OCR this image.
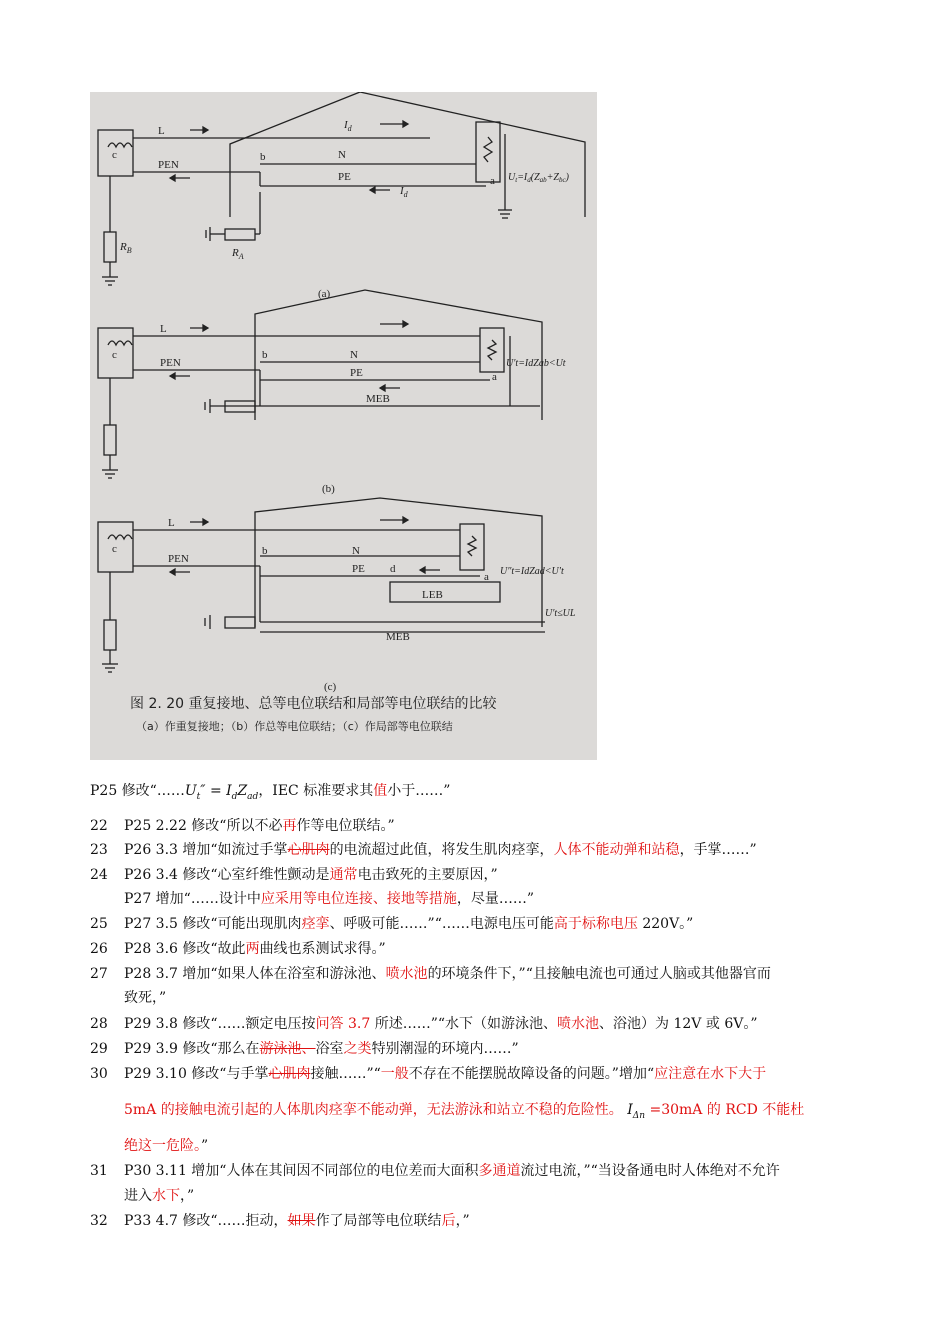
c
L
PEN
b	N
PE	a
$I_d$
$I_d$
$R_B$	$R_A$
$U_t=I_d(Z_{ab}+Z_{bc})$
(a)
c
L
PEN
b	N
PE	a
MEB
U′t=IdZab<Ut
(b)
c
L
PEN
b	N
PE d
a
LEB
MEB
U″t=IdZad<U′t
U′t≤UL
(c)
图 2. 20 重复接地、总等电位联结和局部等电位联结的比较
（a）作重复接地；（b）作总等电位联结；（c）作局部等电位联结
P25 修改“$\dots\dots U_t'' = I_dZ_{ad}$，IEC 标准要求其值小于……”
22	P25 2.22 修改“所以不必再作等电位联结。”
23	P26 3.3 增加“如流过手掌心肌肉的电流超过此值，将发生肌肉痉挛，人体不能动弹和站稳，手掌……”
24	P26 3.4 修改“心室纤维性颤动是通常电击致死的主要原因，”
P27 增加“……设计中应采用等电位连接、接地等措施，尽量……”
25	P27 3.5 修改“可能出现肌肉痉挛、呼吸可能……”“……电源电压可能高于标称电压 220V。”
26	P28 3.6 修改“故此两曲线也系测试求得。”
27	P28 3.7 增加“如果人体在浴室和游泳池、喷水池的环境条件下，”“且接触电流也可通过人脑或其他器官而
致死，”
28	P29 3.8 修改“……额定电压按问答 3.7 所述……”“水下（如游泳池、喷水池、浴池）为 12V 或 6V。”
29	P29 3.9 修改“那么在游泳池、浴室之类特别潮湿的环境内……”
30	P29 3.10 修改“与手掌心肌肉接触……”“一般不存在不能摆脱故障设备的问题。”增加“应注意在水下大于
5mA 的接触电流引起的人体肌肉痉挛不能动弹，无法游泳和站立不稳的危险性。 $I_{\Delta n} =30mA$ 的 RCD 不能杜
绝这一危险。”
31	P30 3.11 增加“人体在其间因不同部位的电位差而大面积多通道流过电流，”“当设备通电时人体绝对不允许
进入水下，”
32	P33 4.7 修改“……拒动，如果作了局部等电位联结后，”
